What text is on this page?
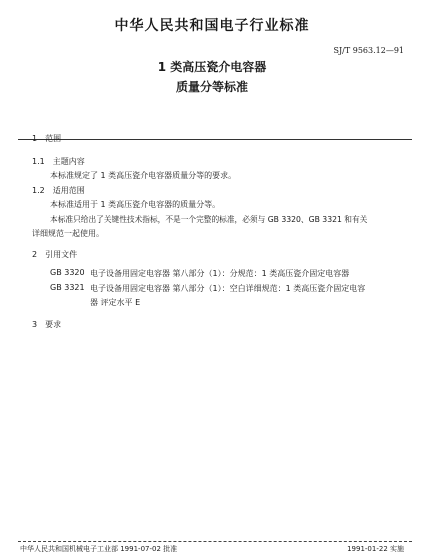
中华人民共和国电子行业标准
SJ/T 9563.12—91
1 类高压瓷介电容器
质量分等标准
1　范围
1.1　主题内容
本标准规定了 1 类高压瓷介电容器质量分等的要求。
1.2　适用范围
本标准适用于 1 类高压瓷介电容器的质量分等。
本标准只给出了关键性技术指标，不是一个完整的标准，必须与 GB 3320、GB 3321 和有关
详细规范一起使用。
2　引用文件
GB 3320 电子设备用固定电容器 第八部分（1）：分规范：1 类高压瓷介固定电容器
GB 3321 电子设备用固定电容器 第八部分（1）：空白详细规范：1 类高压瓷介固定电容
器 评定水平 E
3　要求
中华人民共和国机械电子工业部 1991-07-02 批准	1991-01-22 实施
